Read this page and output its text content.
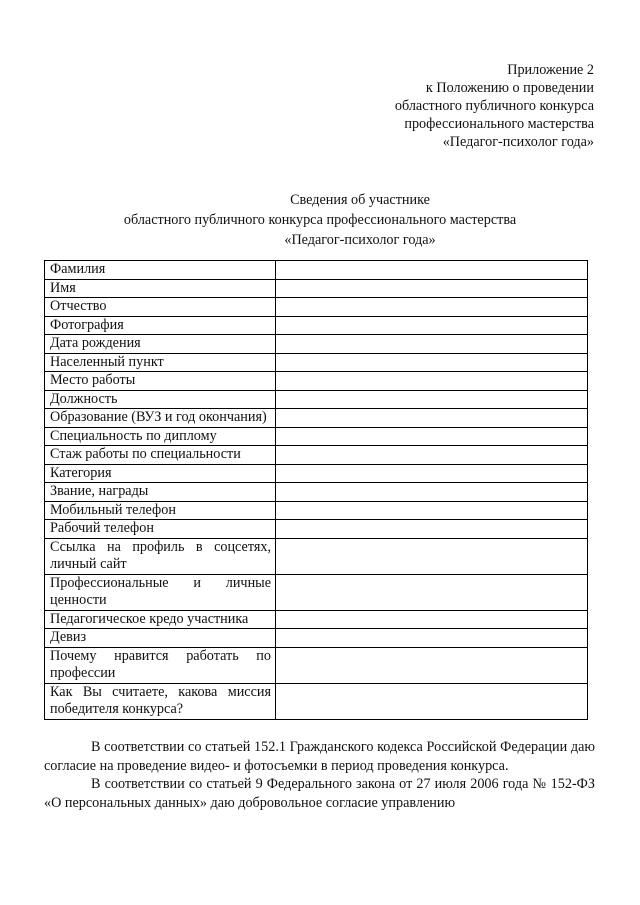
Приложение 2
к Положению о проведении
областного публичного конкурса
профессионального мастерства
«Педагог-психолог года»
Сведения об участнике
областного публичного конкурса профессионального мастерства
«Педагог-психолог года»
Фамилия	
Имя	
Отчество	
Фотография	
Дата рождения	
Населенный пункт	
Место работы	
Должность	
Образование (ВУЗ и год окончания)	
Специальность по диплому	
Стаж работы по специальности	
Категория	
Звание, награды	
Мобильный телефон	
Рабочий телефон	
Ссылка на профиль в соцсетях, личный сайт	
Профессиональные и личные ценности	
Педагогическое кредо участника	
Девиз	
Почему нравится работать по профессии	
Как Вы считаете, какова миссия победителя конкурса?	

В соответствии со статьей 152.1 Гражданского кодекса Российской Федерации даю согласие на проведение видео- и фотосъемки в период проведения конкурса.

В соответствии со статьей 9 Федерального закона от 27 июля 2006 года № 152-ФЗ «О персональных данных» даю добровольное согласие управлению
